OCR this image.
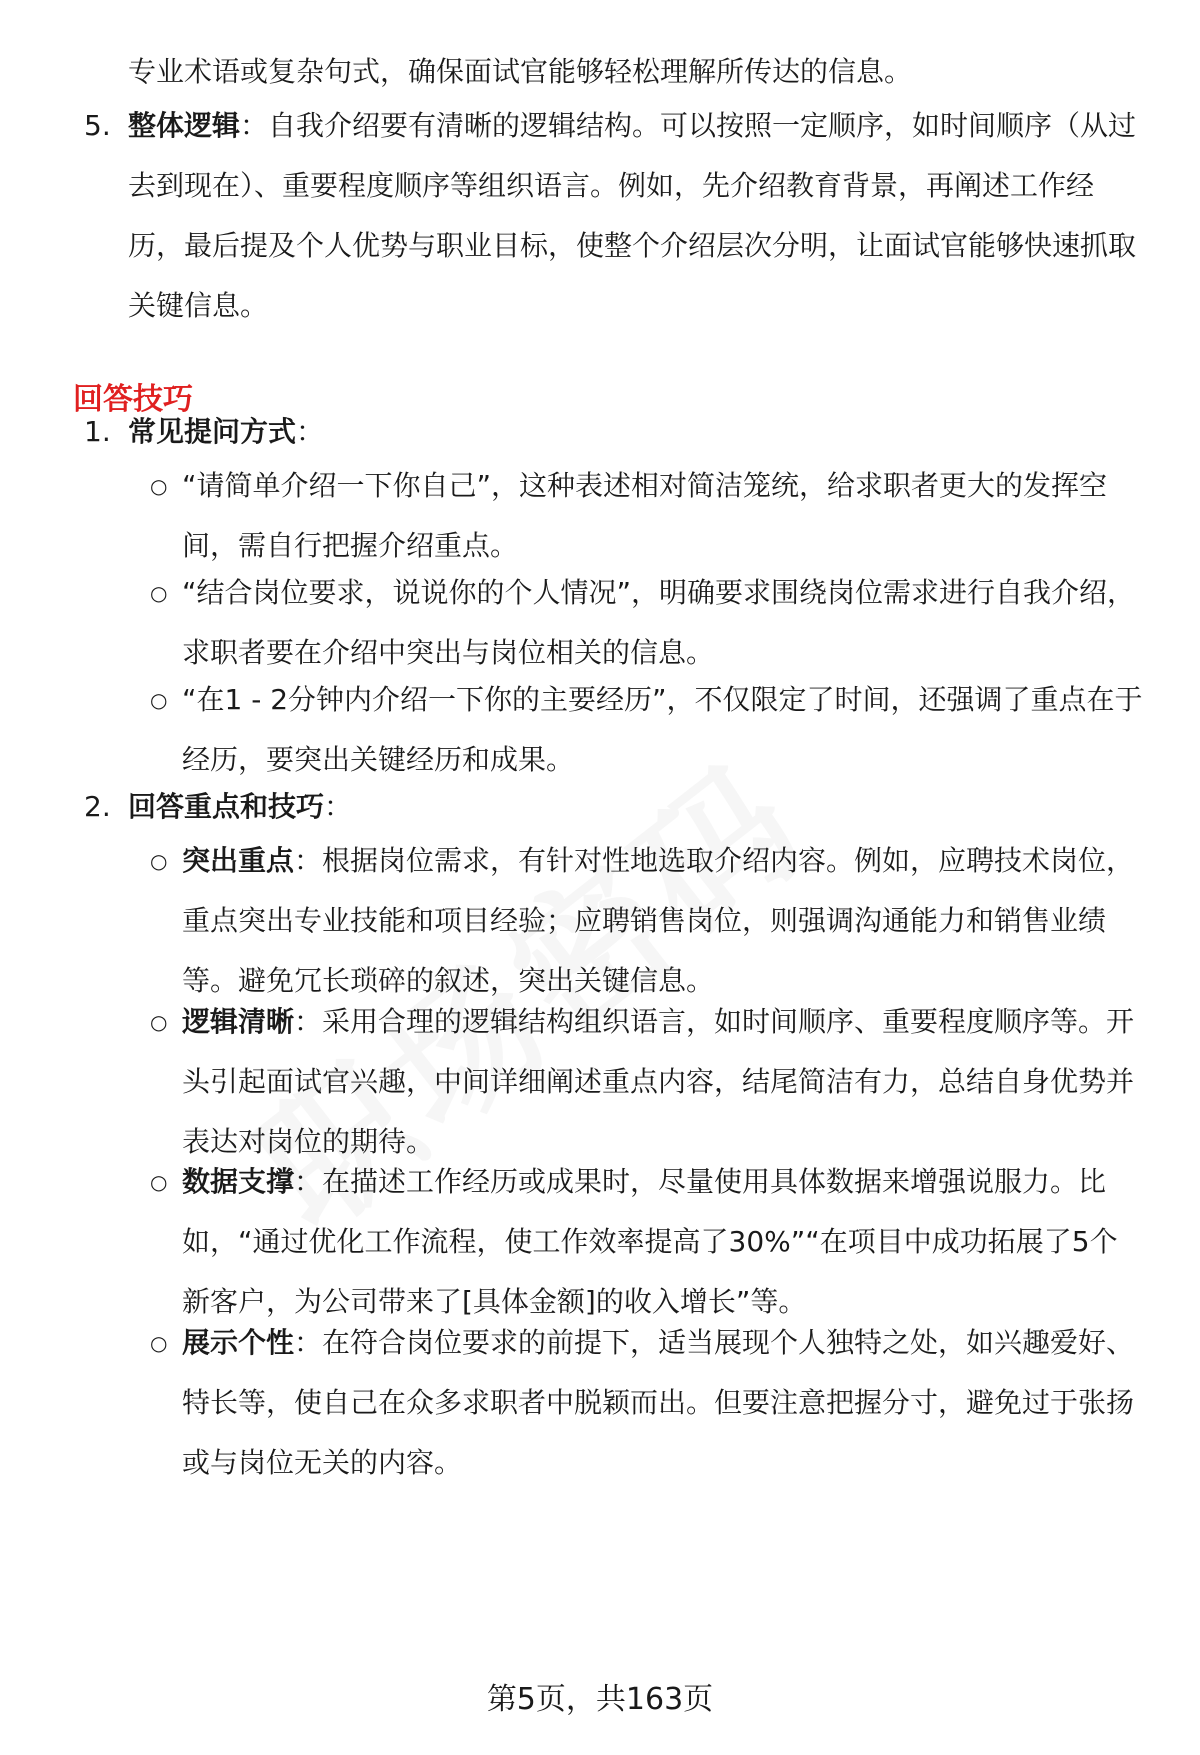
专业术语或复杂句式，确保面试官能够轻松理解所传达的信息。
5. 整体逻辑：自我介绍要有清晰的逻辑结构。可以按照一定顺序，如时间顺序（从过去到现在）、重要程度顺序等组织语言。例如，先介绍教育背景，再阐述工作经历，最后提及个人优势与职业目标，使整个介绍层次分明，让面试官能够快速抓取关键信息。
回答技巧
1. 常见提问方式：
○ “请简单介绍一下你自己”，这种表述相对简洁笼统，给求职者更大的发挥空间，需自行把握介绍重点。
○ “结合岗位要求，说说你的个人情况”，明确要求围绕岗位需求进行自我介绍，求职者要在介绍中突出与岗位相关的信息。
○ “在1 - 2分钟内介绍一下你的主要经历”，不仅限定了时间，还强调了重点在于经历，要突出关键经历和成果。
2. 回答重点和技巧：
○ 突出重点：根据岗位需求，有针对性地选取介绍内容。例如，应聘技术岗位，重点突出专业技能和项目经验；应聘销售岗位，则强调沟通能力和销售业绩等。避免冗长琐碎的叙述，突出关键信息。
○ 逻辑清晰：采用合理的逻辑结构组织语言，如时间顺序、重要程度顺序等。开头引起面试官兴趣，中间详细阐述重点内容，结尾简洁有力，总结自身优势并表达对岗位的期待。
○ 数据支撑：在描述工作经历或成果时，尽量使用具体数据来增强说服力。比如，“通过优化工作流程，使工作效率提高了30%”“在项目中成功拓展了5个新客户，为公司带来了[具体金额]的收入增长”等。
○ 展示个性：在符合岗位要求的前提下，适当展现个人独特之处，如兴趣爱好、特长等，使自己在众多求职者中脱颖而出。但要注意把握分寸，避免过于张扬或与岗位无关的内容。
第5页，共163页
